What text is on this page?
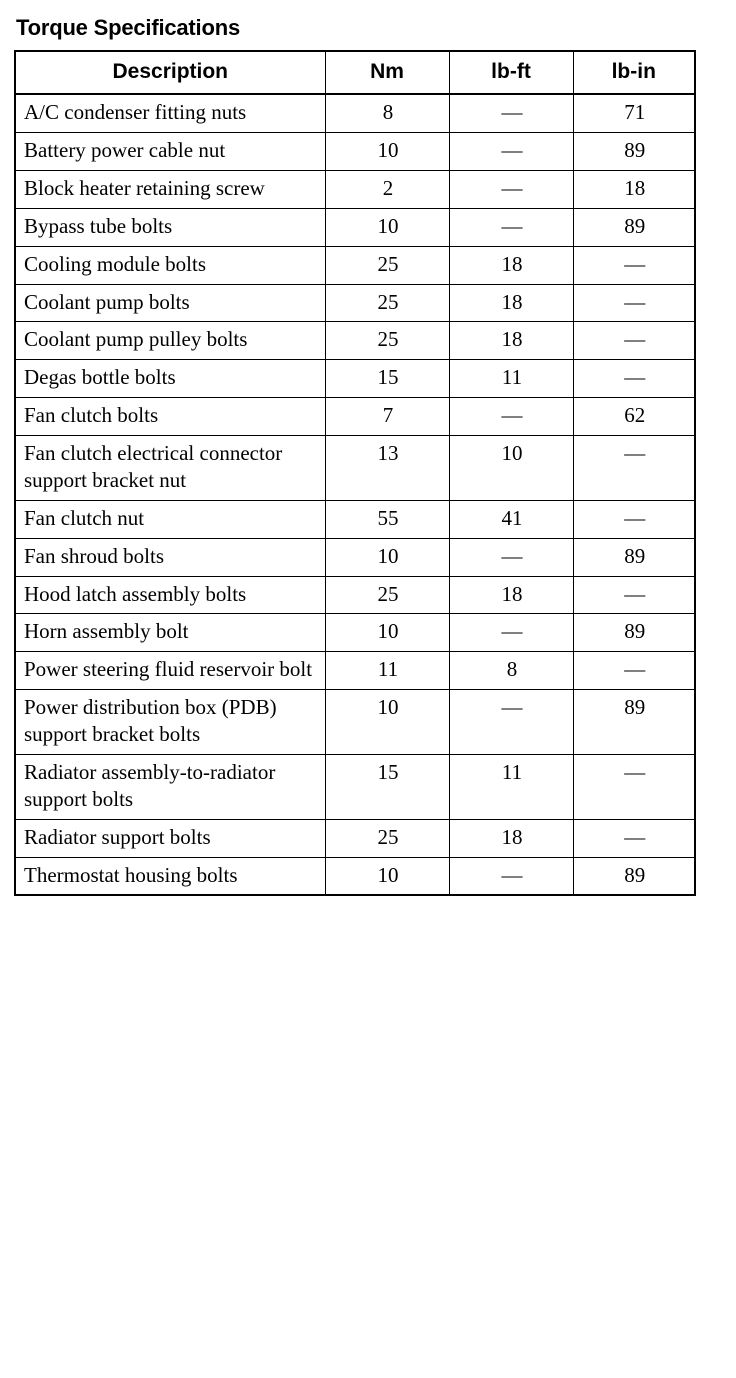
Torque Specifications
Description	Nm	lb-ft	lb-in
A/C condenser fitting nuts	8	—	71
Battery power cable nut	10	—	89
Block heater retaining screw	2	—	18
Bypass tube bolts	10	—	89
Cooling module bolts	25	18	—
Coolant pump bolts	25	18	—
Coolant pump pulley bolts	25	18	—
Degas bottle bolts	15	11	—
Fan clutch bolts	7	—	62
Fan clutch electrical connector support bracket nut	13	10	—
Fan clutch nut	55	41	—
Fan shroud bolts	10	—	89
Hood latch assembly bolts	25	18	—
Horn assembly bolt	10	—	89
Power steering fluid reservoir bolt	11	8	—
Power distribution box (PDB) support bracket bolts	10	—	89
Radiator assembly-to-radiator support bolts	15	11	—
Radiator support bolts	25	18	—
Thermostat housing bolts	10	—	89
